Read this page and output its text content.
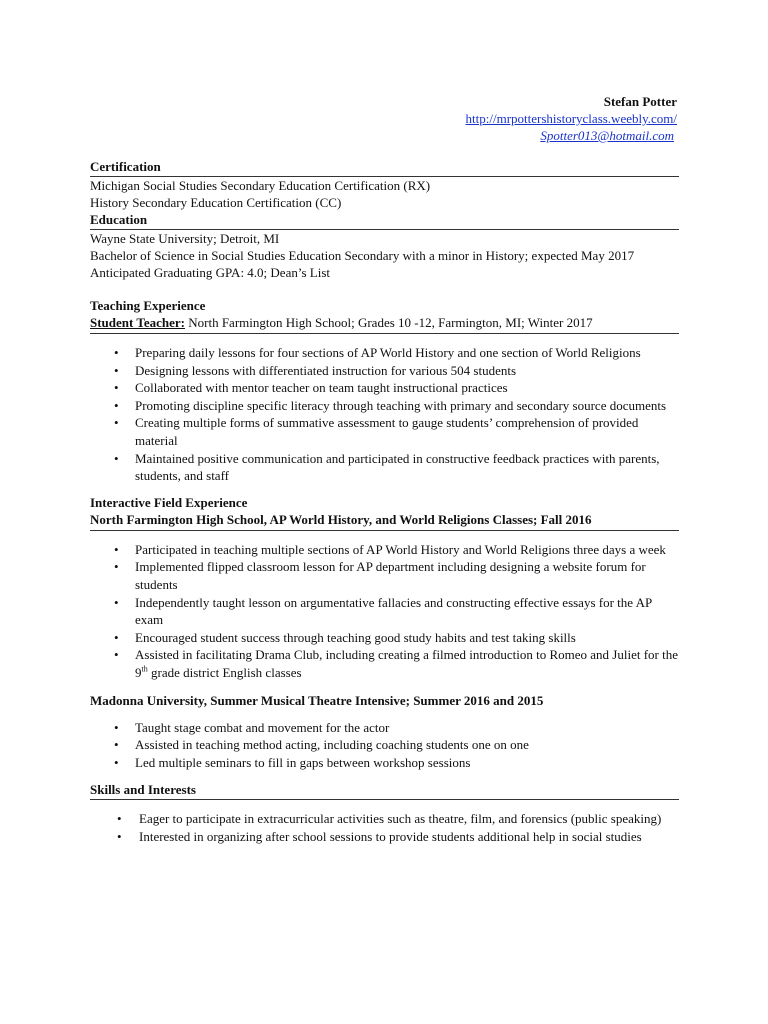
Stefan Potter
http://mrpottershistoryclass.weebly.com/
Spotter013@hotmail.com
Certification
Michigan Social Studies Secondary Education Certification (RX)
History Secondary Education Certification (CC)
Education
Wayne State University; Detroit, MI
Bachelor of Science in Social Studies Education Secondary with a minor in History; expected May 2017
Anticipated Graduating GPA: 4.0; Dean’s List
Teaching Experience
Student Teacher: North Farmington High School; Grades 10 -12, Farmington, MI; Winter 2017
• Preparing daily lessons for four sections of AP World History and one section of World Religions
• Designing lessons with differentiated instruction for various 504 students
• Collaborated with mentor teacher on team taught instructional practices
• Promoting discipline specific literacy through teaching with primary and secondary source documents
• Creating multiple forms of summative assessment to gauge students’ comprehension of provided material
• Maintained positive communication and participated in constructive feedback practices with parents, students, and staff
Interactive Field Experience
North Farmington High School, AP World History, and World Religions Classes; Fall 2016
• Participated in teaching multiple sections of AP World History and World Religions three days a week
• Implemented flipped classroom lesson for AP department including designing a website forum for students
• Independently taught lesson on argumentative fallacies and constructing effective essays for the AP exam
• Encouraged student success through teaching good study habits and test taking skills
• Assisted in facilitating Drama Club, including creating a filmed introduction to Romeo and Juliet for the 9th grade district English classes
Madonna University, Summer Musical Theatre Intensive; Summer 2016 and 2015
• Taught stage combat and movement for the actor
• Assisted in teaching method acting, including coaching students one on one
• Led multiple seminars to fill in gaps between workshop sessions
Skills and Interests
• Eager to participate in extracurricular activities such as theatre, film, and forensics (public speaking)
• Interested in organizing after school sessions to provide students additional help in social studies
